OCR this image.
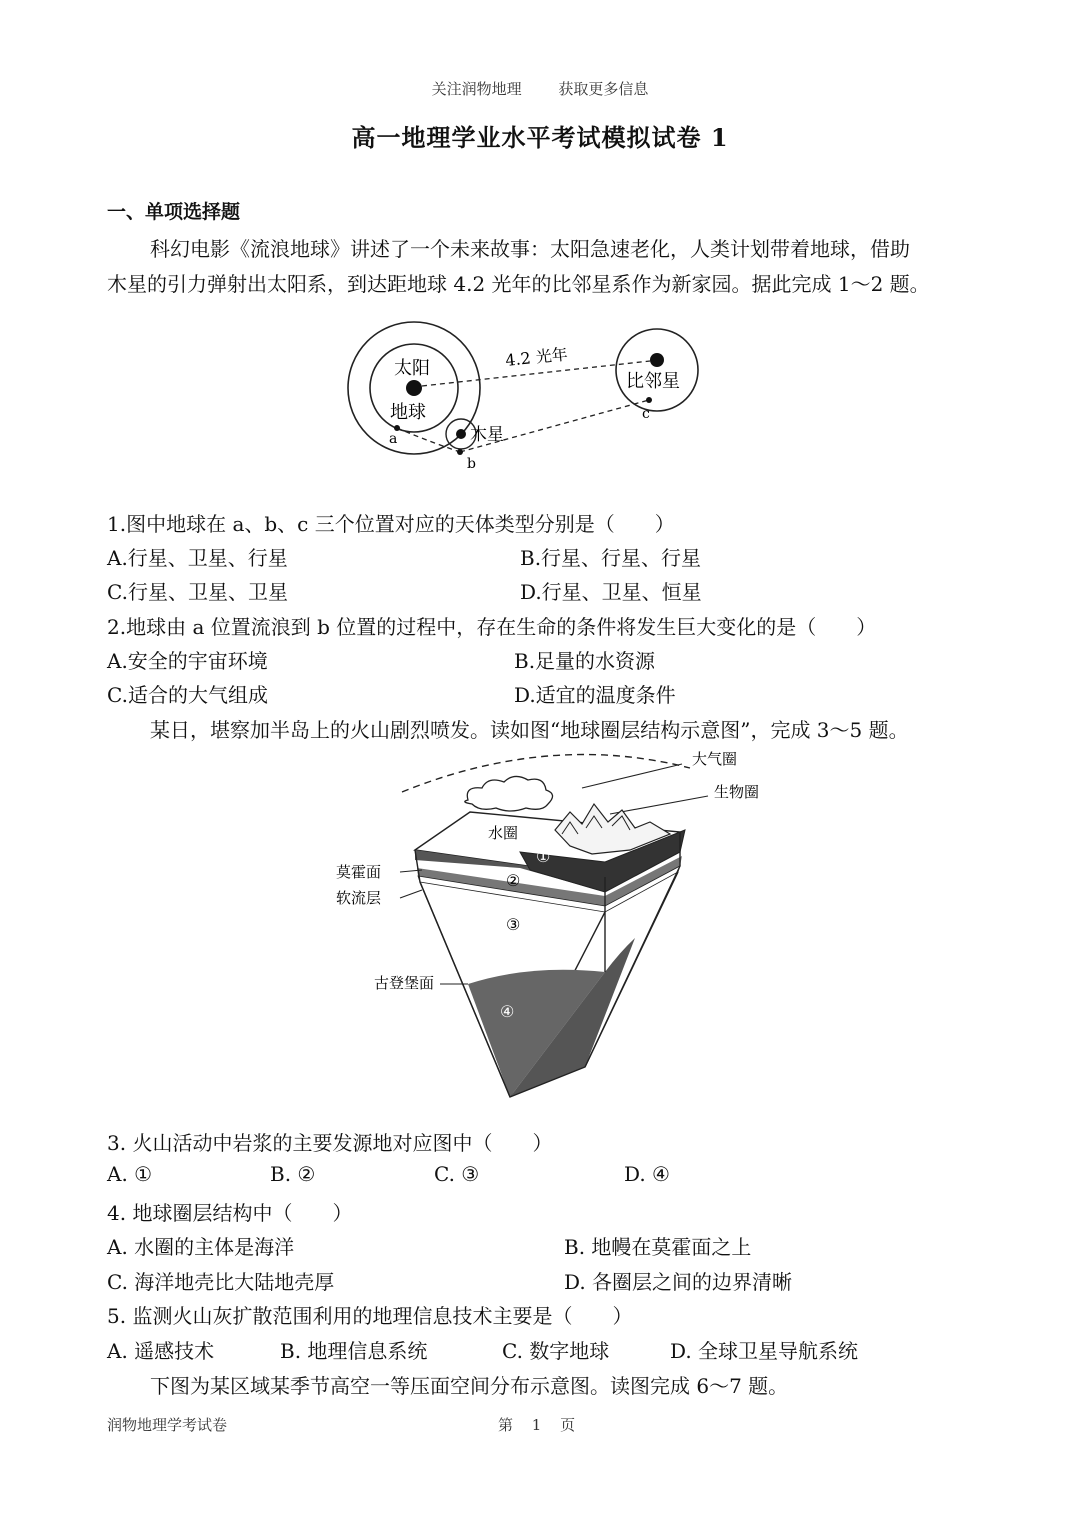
关注润物地理 获取更多信息
高一地理学业水平考试模拟试卷 1
一、单项选择题
科幻电影《流浪地球》讲述了一个未来故事：太阳急速老化，人类计划带着地球，借助
木星的引力弹射出太阳系，到达距地球 4.2 光年的比邻星系作为新家园。据此完成 1～2 题。
太阳
地球
木星
比邻星
4.2 光年
a
b
c
1.图中地球在 a、b、c 三个位置对应的天体类型分别是（　　）
A.行星、卫星、行星	B.行星、行星、行星
C.行星、卫星、卫星	D.行星、卫星、恒星
2.地球由 a 位置流浪到 b 位置的过程中，存在生命的条件将发生巨大变化的是（　　）
A.安全的宇宙环境	B.足量的水资源
C.适合的大气组成	D.适宜的温度条件
某日，堪察加半岛上的火山剧烈喷发。读如图“地球圈层结构示意图”，完成 3～5 题。
大气圈
生物圈
水圈
①
②
③
④
莫霍面
软流层
古登堡面
3. 火山活动中岩浆的主要发源地对应图中（　　）
A. ①	B. ②	C. ③	D. ④
4. 地球圈层结构中（　　）
A. 水圈的主体是海洋	B. 地幔在莫霍面之上
C. 海洋地壳比大陆地壳厚	D. 各圈层之间的边界清晰
5. 监测火山灰扩散范围利用的地理信息技术主要是（　　）
A. 遥感技术	B. 地理信息系统	C. 数字地球	D. 全球卫星导航系统
下图为某区域某季节高空一等压面空间分布示意图。读图完成 6～7 题。
润物地理学考试卷	第 1 页
